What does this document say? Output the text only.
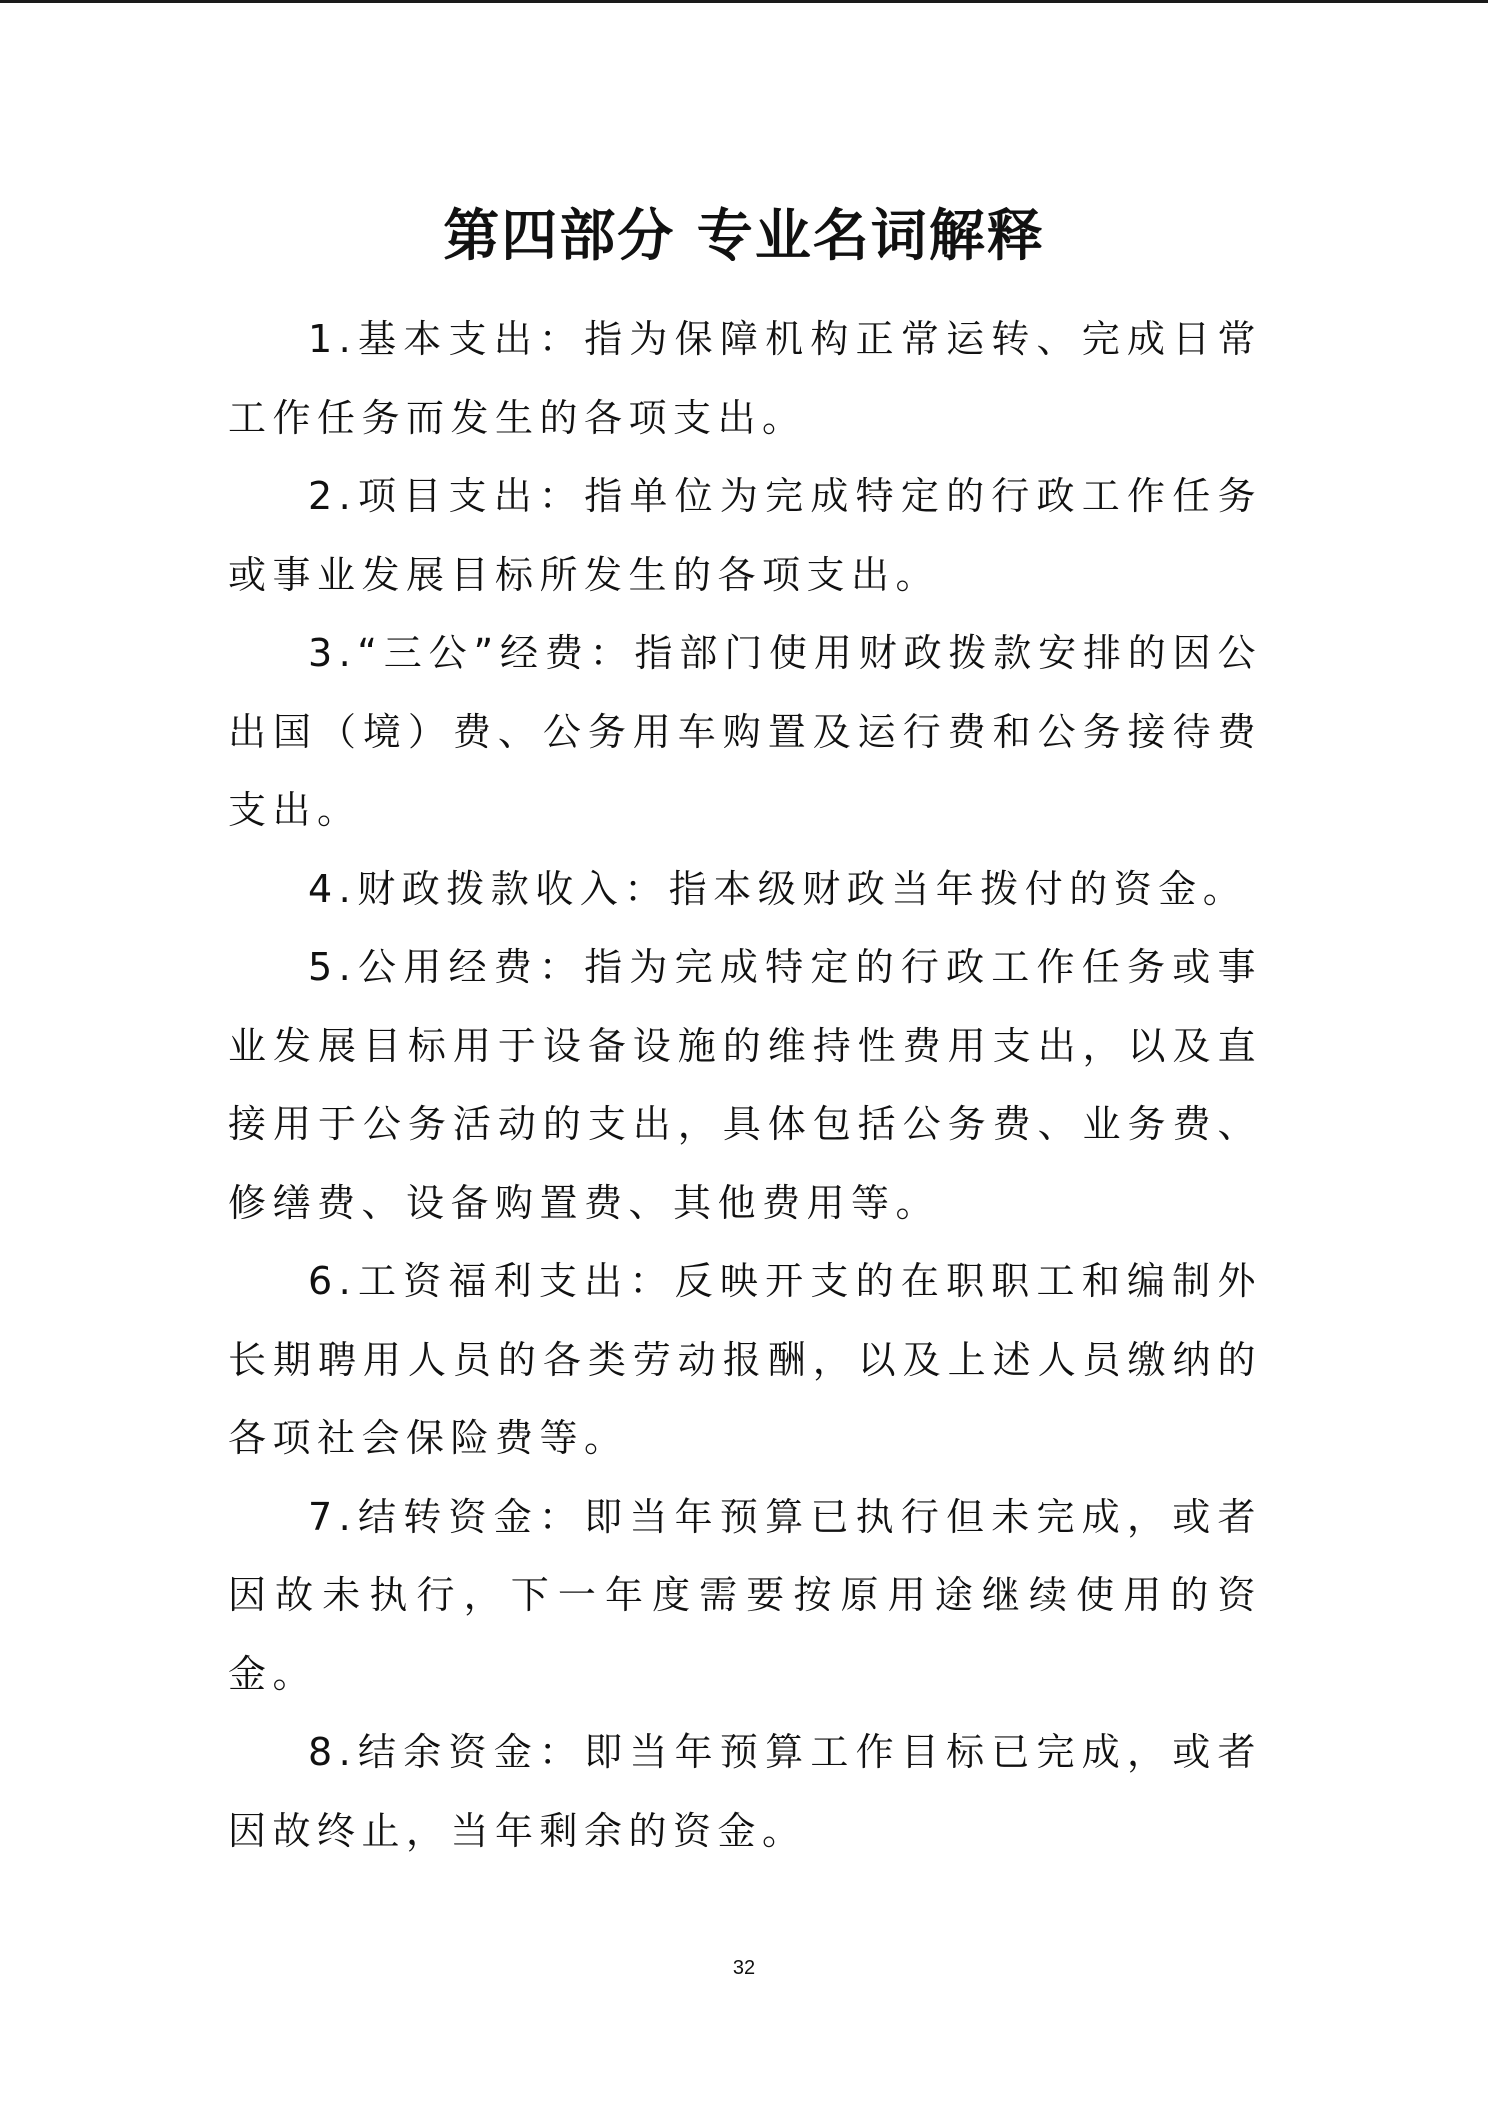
第四部分 专业名词解释

1.基本支出：指为保障机构正常运转、完成日常工作任务而发生的各项支出。

2.项目支出：指单位为完成特定的行政工作任务或事业发展目标所发生的各项支出。

3.“三公”经费：指部门使用财政拨款安排的因公出国（境）费、公务用车购置及运行费和公务接待费支出。

4.财政拨款收入：指本级财政当年拨付的资金。

5.公用经费：指为完成特定的行政工作任务或事业发展目标用于设备设施的维持性费用支出，以及直接用于公务活动的支出，具体包括公务费、业务费、修缮费、设备购置费、其他费用等。

6.工资福利支出：反映开支的在职职工和编制外长期聘用人员的各类劳动报酬，以及上述人员缴纳的各项社会保险费等。

7.结转资金：即当年预算已执行但未完成，或者因故未执行，下一年度需要按原用途继续使用的资金。

8.结余资金：即当年预算工作目标已完成，或者因故终止，当年剩余的资金。

32
